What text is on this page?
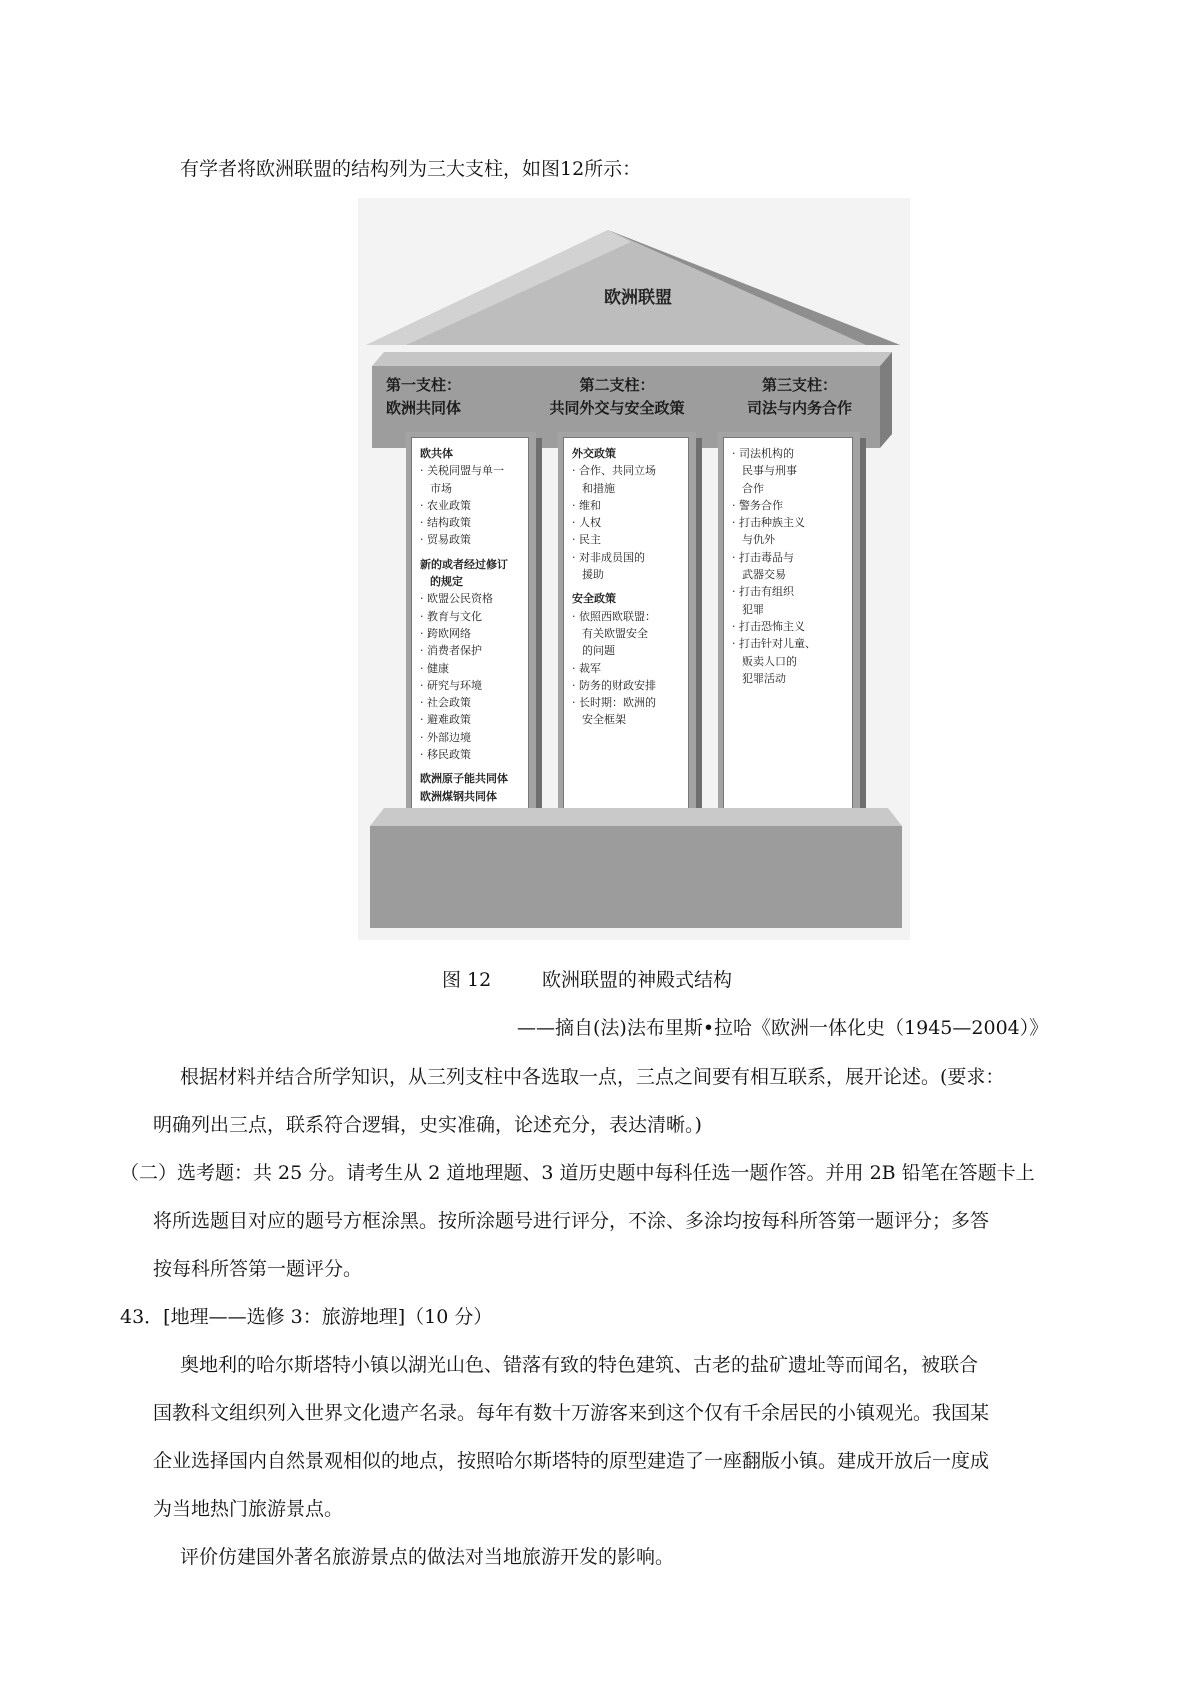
有学者将欧洲联盟的结构列为三大支柱，如图12所示：
欧洲联盟
第一支柱：
欧洲共同体
第二支柱：
共同外交与安全政策
第三支柱：
司法与内务合作
欧共体
· 关税同盟与单一
市场
· 农业政策
· 结构政策
· 贸易政策
新的或者经过修订
的规定
· 欧盟公民资格
· 教育与文化
· 跨欧网络
· 消费者保护
· 健康
· 研究与环境
· 社会政策
· 避难政策
· 外部边境
· 移民政策
欧洲原子能共同体
欧洲煤钢共同体
外交政策
· 合作、共同立场
和措施
· 维和
· 人权
· 民主
· 对非成员国的
援助
安全政策
· 依照西欧联盟：
有关欧盟安全
的问题
· 裁军
· 防务的财政安排
· 长时期：欧洲的
安全框架
· 司法机构的
民事与刑事
合作
· 警务合作
· 打击种族主义
与仇外
· 打击毒品与
武器交易
· 打击有组织
犯罪
· 打击恐怖主义
· 打击针对儿童、
贩卖人口的
犯罪活动
图 12	欧洲联盟的神殿式结构
——摘自(法)法布里斯•拉哈《欧洲一体化史（1945—2004）》
根据材料并结合所学知识，从三列支柱中各选取一点，三点之间要有相互联系，展开论述。(要求：
明确列出三点，联系符合逻辑，史实准确，论述充分，表达清晰。)
（二）选考题：共 25 分。请考生从 2 道地理题、3 道历史题中每科任选一题作答。并用 2B 铅笔在答题卡上
将所选题目对应的题号方框涂黑。按所涂题号进行评分，不涂、多涂均按每科所答第一题评分；多答
按每科所答第一题评分。
43．[地理——选修 3：旅游地理]（10 分）
奥地利的哈尔斯塔特小镇以湖光山色、错落有致的特色建筑、古老的盐矿遗址等而闻名，被联合
国教科文组织列入世界文化遗产名录。每年有数十万游客来到这个仅有千余居民的小镇观光。我国某
企业选择国内自然景观相似的地点，按照哈尔斯塔特的原型建造了一座翻版小镇。建成开放后一度成
为当地热门旅游景点。
评价仿建国外著名旅游景点的做法对当地旅游开发的影响。
